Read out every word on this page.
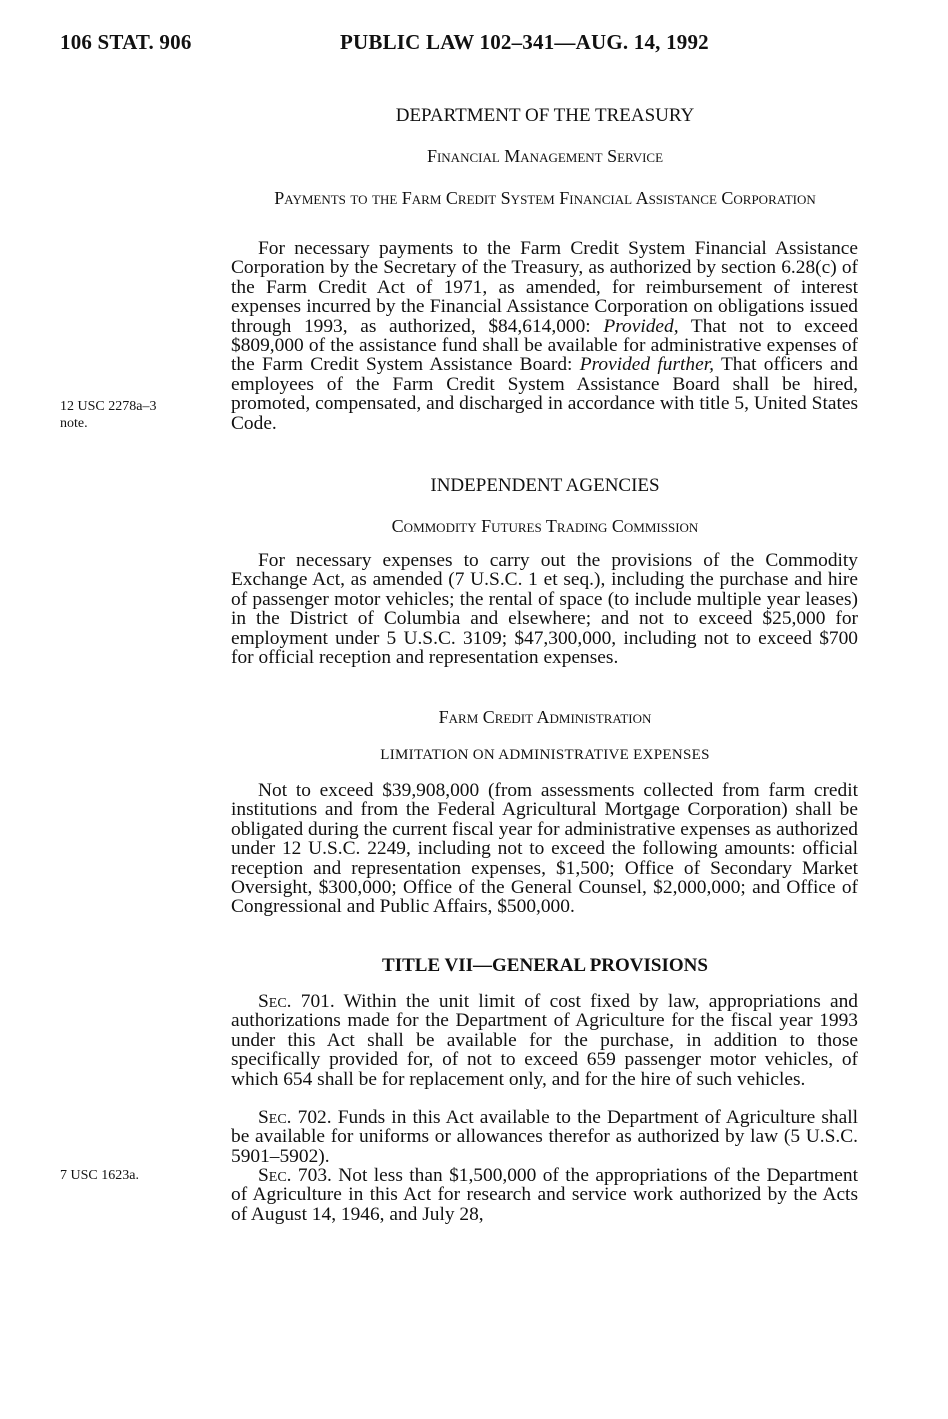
106 STAT. 906	PUBLIC LAW 102–341—AUG. 14, 1992
DEPARTMENT OF THE TREASURY
Financial Management Service
Payments to the Farm Credit System Financial Assistance Corporation

For necessary payments to the Farm Credit System Financial Assistance Corporation by the Secretary of the Treasury, as authorized by section 6.28(c) of the Farm Credit Act of 1971, as amended, for reimbursement of interest expenses incurred by the Financial Assistance Corporation on obligations issued through 1993, as authorized, $84,614,000: Provided, That not to exceed $809,000 of the assistance fund shall be available for administrative expenses of the Farm Credit System Assistance Board: Provided further, That officers and employees of the Farm Credit System Assistance Board shall be hired, promoted, compensated, and discharged in accordance with title 5, United States Code.

12 USC 2278a–3
note.
INDEPENDENT AGENCIES
Commodity Futures Trading Commission

For necessary expenses to carry out the provisions of the Commodity Exchange Act, as amended (7 U.S.C. 1 et seq.), including the purchase and hire of passenger motor vehicles; the rental of space (to include multiple year leases) in the District of Columbia and elsewhere; and not to exceed $25,000 for employment under 5 U.S.C. 3109; $47,300,000, including not to exceed $700 for official reception and representation expenses.

Farm Credit Administration
LIMITATION ON ADMINISTRATIVE EXPENSES

Not to exceed $39,908,000 (from assessments collected from farm credit institutions and from the Federal Agricultural Mortgage Corporation) shall be obligated during the current fiscal year for administrative expenses as authorized under 12 U.S.C. 2249, including not to exceed the following amounts: official reception and representation expenses, $1,500; Office of Secondary Market Oversight, $300,000; Office of the General Counsel, $2,000,000; and Office of Congressional and Public Affairs, $500,000.

TITLE VII—GENERAL PROVISIONS

Sec. 701. Within the unit limit of cost fixed by law, appropriations and authorizations made for the Department of Agriculture for the fiscal year 1993 under this Act shall be available for the purchase, in addition to those specifically provided for, of not to exceed 659 passenger motor vehicles, of which 654 shall be for replacement only, and for the hire of such vehicles.

Sec. 702. Funds in this Act available to the Department of Agriculture shall be available for uniforms or allowances therefor as authorized by law (5 U.S.C. 5901–5902).

Sec. 703. Not less than $1,500,000 of the appropriations of the Department of Agriculture in this Act for research and service work authorized by the Acts of August 14, 1946, and July 28,

7 USC 1623a.
